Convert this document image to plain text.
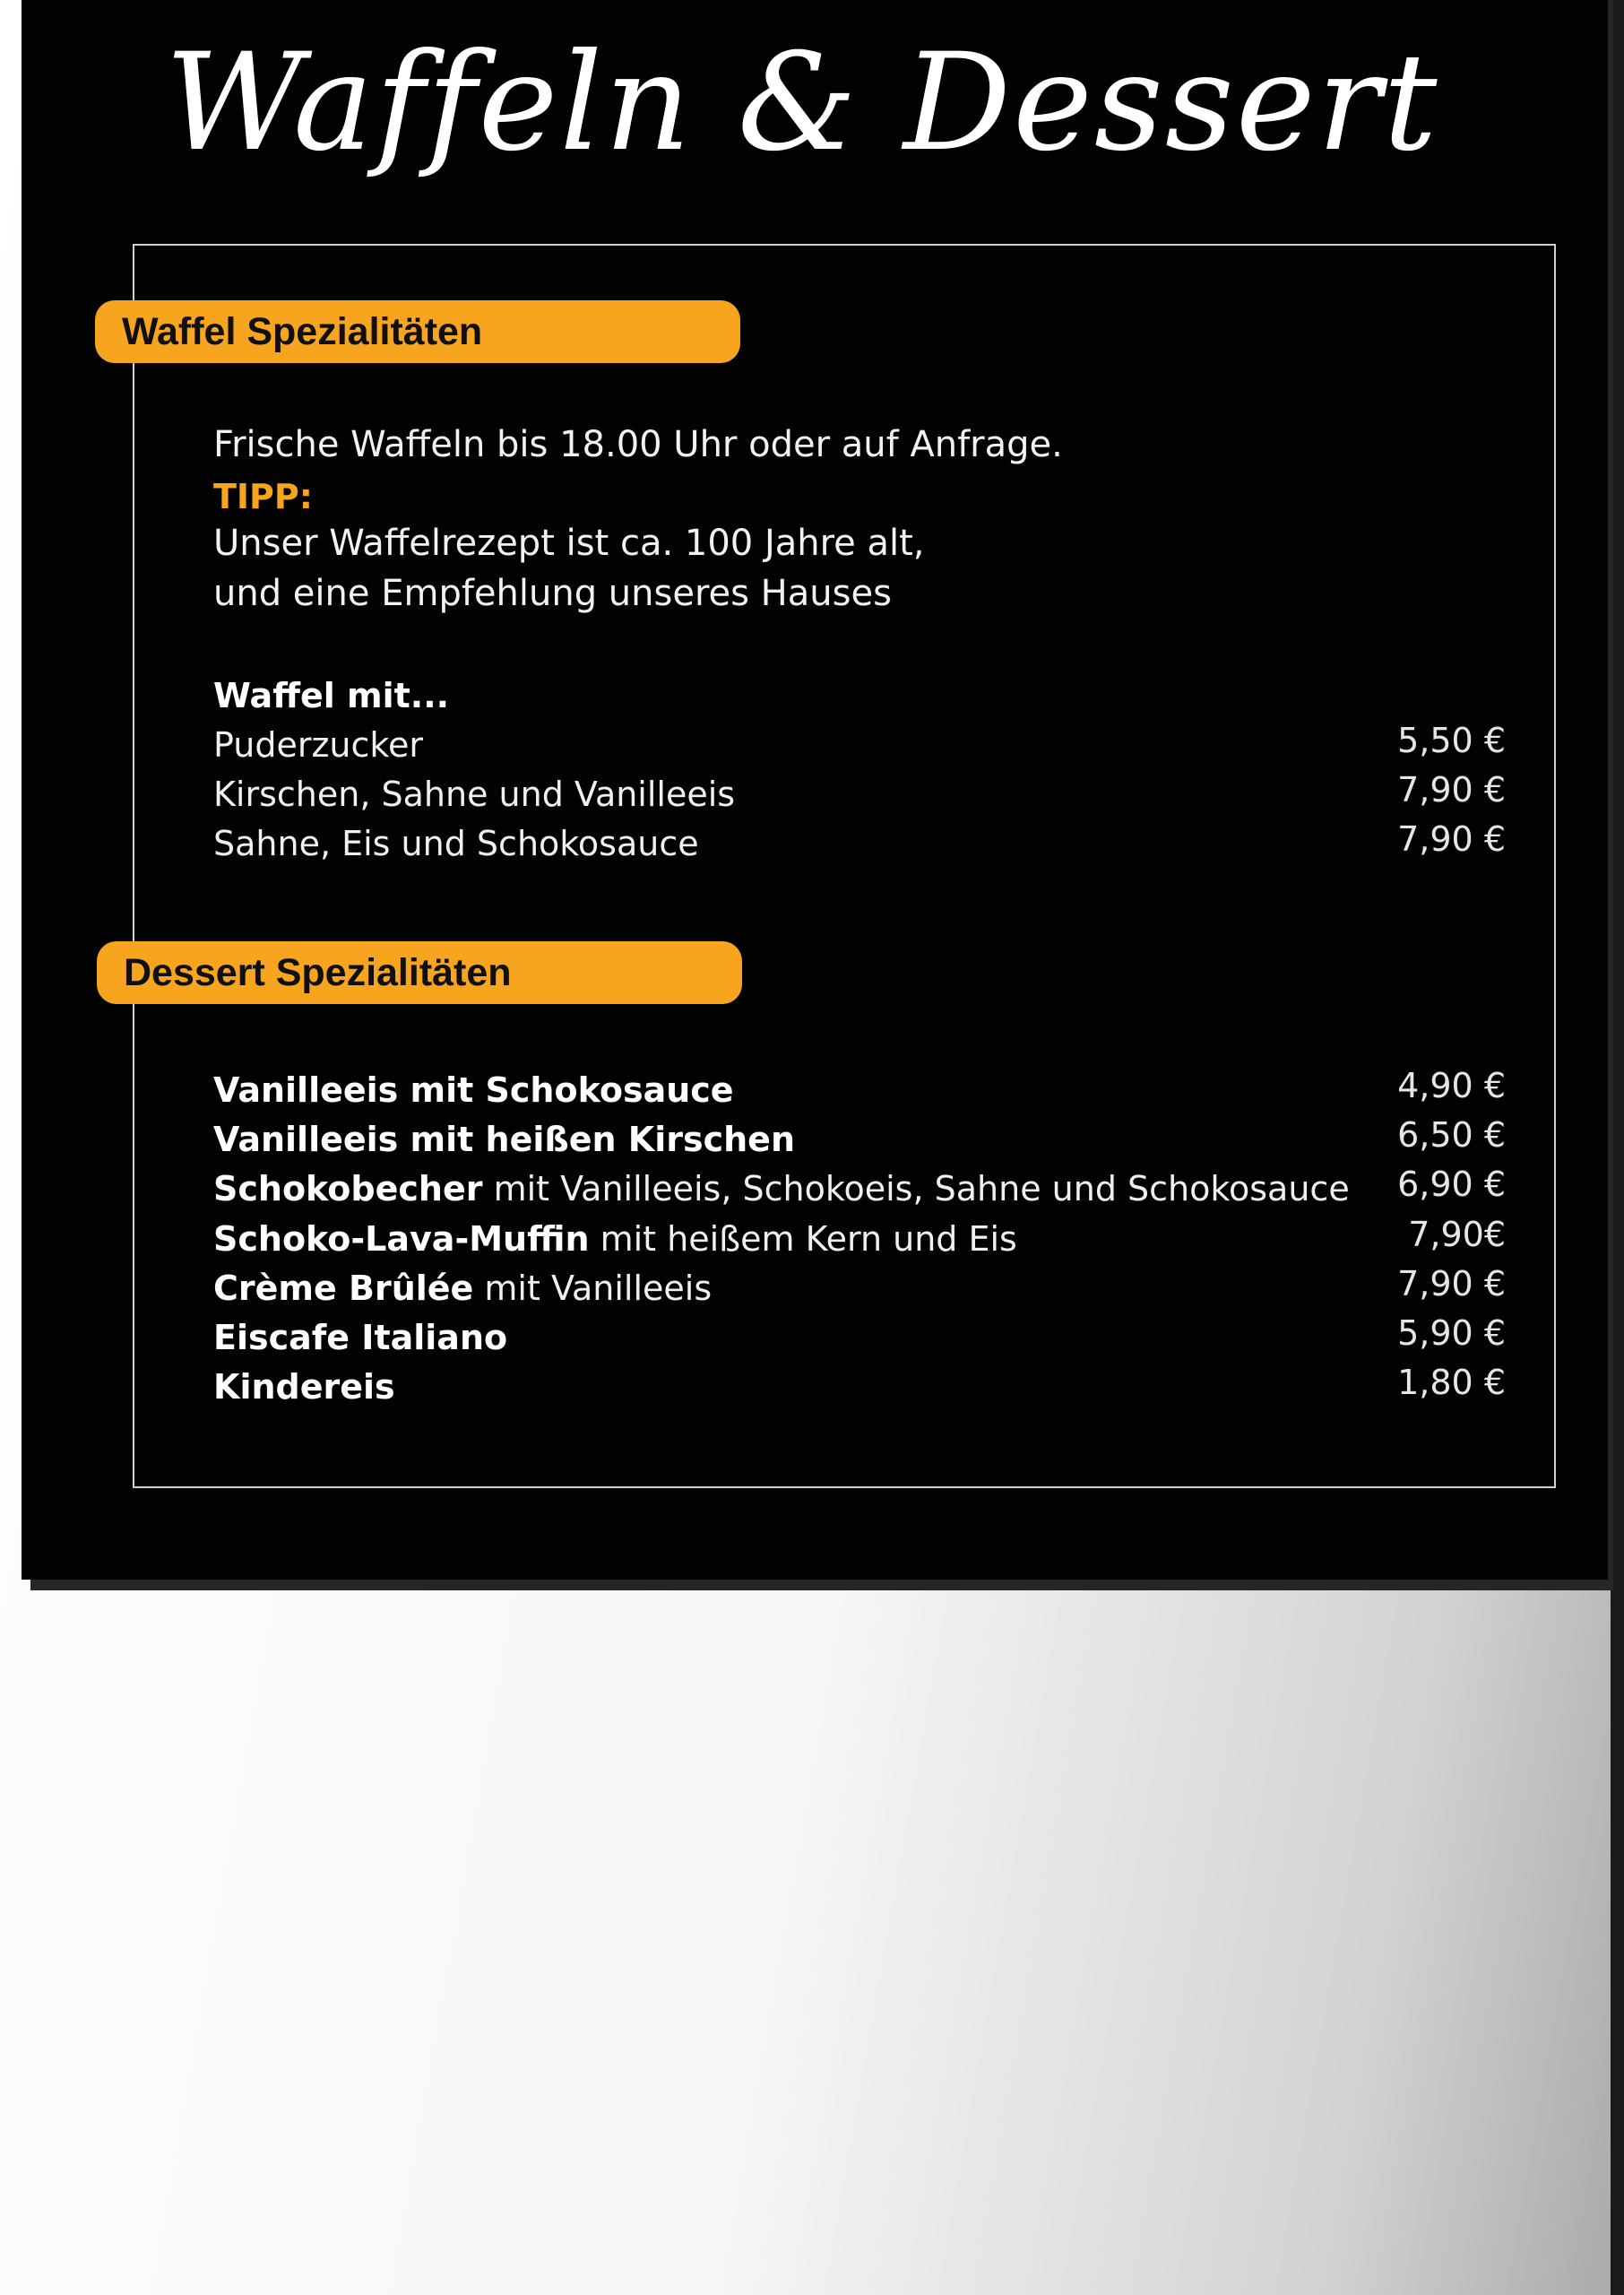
Waffeln & Dessert
Waffel Spezialitäten
Frische Waffeln bis 18.00 Uhr oder auf Anfrage.
TIPP:
Unser Waffelrezept ist ca. 100 Jahre alt,
und eine Empfehlung unseres Hauses
Waffel mit...
Puderzucker	5,50 €
Kirschen, Sahne und Vanilleeis	7,90 €
Sahne, Eis und Schokosauce	7,90 €
Dessert Spezialitäten
Vanilleeis mit Schokosauce	4,90 €
Vanilleeis mit heißen Kirschen	6,50 €
Schokobecher mit Vanilleeis, Schokoeis, Sahne und Schokosauce 6,90 €
Schoko-Lava-Muffin mit heißem Kern und Eis	7,90€
Crème Brûlée mit Vanilleeis	7,90 €
Eiscafe Italiano	5,90 €
Kindereis	1,80 €
